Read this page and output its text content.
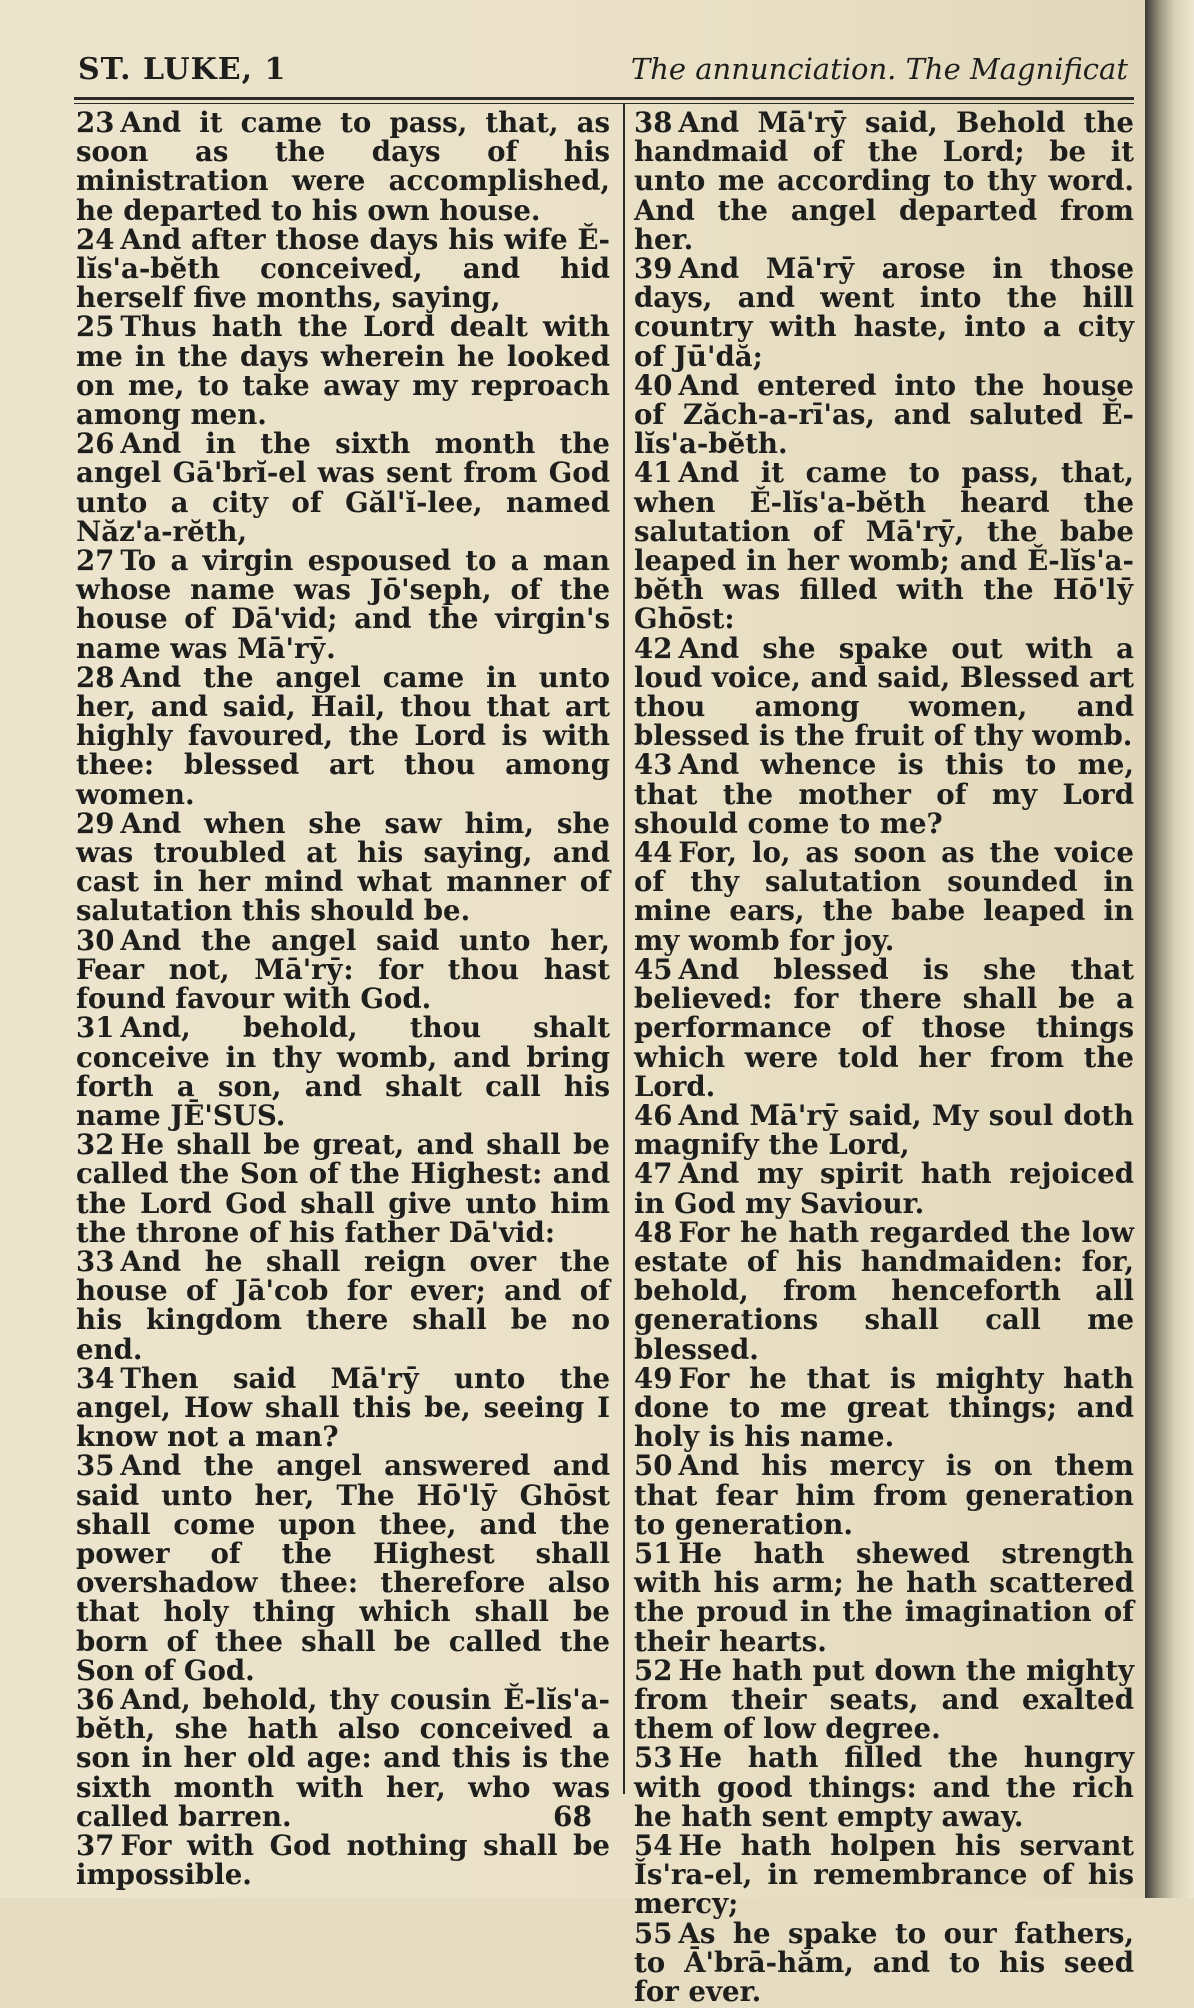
ST. LUKE, 1	The annunciation. The Magnificat

23 And it came to pass, that, as soon as the days of his ministration were accomplished, he departed to his own house.

24 And after those days his wife Ĕ-lĭs'a-bĕth conceived, and hid herself five months, saying,

25 Thus hath the Lord dealt with me in the days wherein he looked on me, to take away my reproach among men.

26 And in the sixth month the angel Gā'brĭ-el was sent from God unto a city of Găl'ĭ-lee, named Năz'a-rĕth,

27 To a virgin espoused to a man whose name was Jō'seph, of the house of Dā'vid; and the virgin's name was Mā'rӯ.

28 And the angel came in unto her, and said, Hail, thou that art highly favoured, the Lord is with thee: blessed art thou among women.

29 And when she saw him, she was troubled at his saying, and cast in her mind what manner of salutation this should be.

30 And the angel said unto her, Fear not, Mā'rӯ: for thou hast found favour with God.

31 And, behold, thou shalt conceive in thy womb, and bring forth a son, and shalt call his name JĒ'SUS.

32 He shall be great, and shall be called the Son of the Highest: and the Lord God shall give unto him the throne of his father Dā'vid:

33 And he shall reign over the house of Jā'cob for ever; and of his kingdom there shall be no end.

34 Then said Mā'rӯ unto the angel, How shall this be, seeing I know not a man?

35 And the angel answered and said unto her, The Hō'lӯ Ghōst shall come upon thee, and the power of the Highest shall overshadow thee: therefore also that holy thing which shall be born of thee shall be called the Son of God.

36 And, behold, thy cousin Ĕ-lĭs'a-bĕth, she hath also conceived a son in her old age: and this is the sixth month with her, who was called barren.

37 For with God nothing shall be impossible.

38 And Mā'rӯ said, Behold the handmaid of the Lord; be it unto me according to thy word. And the angel departed from her.

39 And Mā'rӯ arose in those days, and went into the hill country with haste, into a city of Jū'dă;

40 And entered into the house of Zăch-a-rī'as, and saluted Ĕ-lĭs'a-bĕth.

41 And it came to pass, that, when Ĕ-lĭs'a-bĕth heard the salutation of Mā'rӯ, the babe leaped in her womb; and Ĕ-lĭs'a-bĕth was filled with the Hō'lӯ Ghōst:

42 And she spake out with a loud voice, and said, Blessed art thou among women, and blessed is the fruit of thy womb.

43 And whence is this to me, that the mother of my Lord should come to me?

44 For, lo, as soon as the voice of thy salutation sounded in mine ears, the babe leaped in my womb for joy.

45 And blessed is she that believed: for there shall be a performance of those things which were told her from the Lord.

46 And Mā'rӯ said, My soul doth magnify the Lord,

47 And my spirit hath rejoiced in God my Saviour.

48 For he hath regarded the low estate of his handmaiden: for, behold, from henceforth all generations shall call me blessed.

49 For he that is mighty hath done to me great things; and holy is his name.

50 And his mercy is on them that fear him from generation to generation.

51 He hath shewed strength with his arm; he hath scattered the proud in the imagination of their hearts.

52 He hath put down the mighty from their seats, and exalted them of low degree.

53 He hath filled the hungry with good things: and the rich he hath sent empty away.

54 He hath holpen his servant Ĭs'ra-el, in remembrance of his mercy;

55 As he spake to our fathers, to Ā'brā-hăm, and to his seed for ever.

68
